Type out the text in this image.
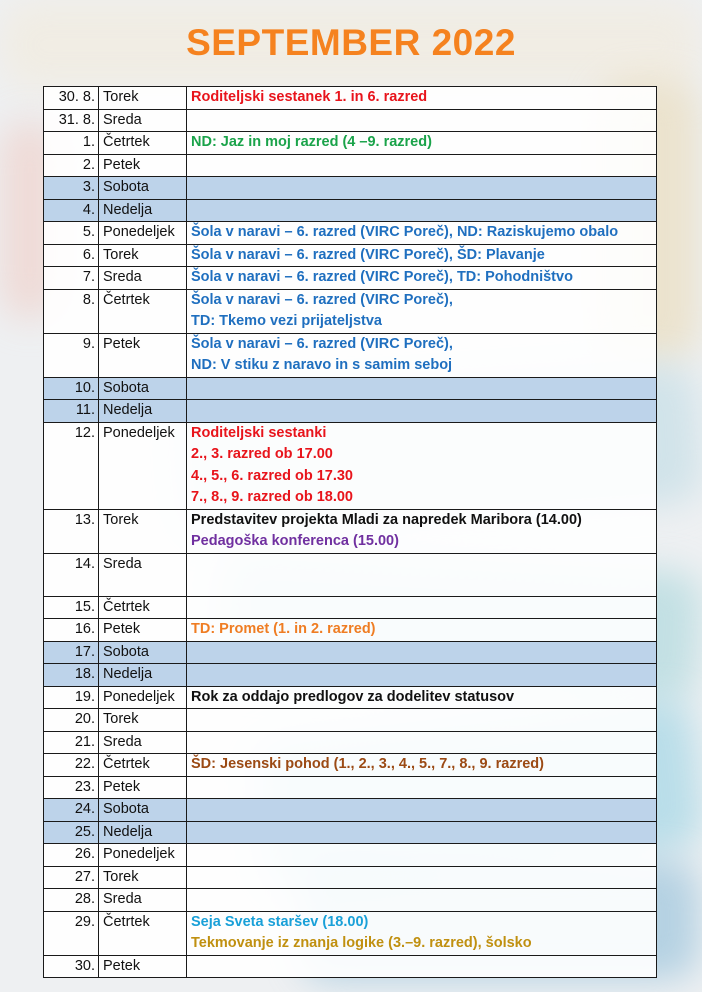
SEPTEMBER 2022
30. 8.	Torek	Roditeljski sestanek 1. in 6. razred

31. 8.	Sreda	
1.	Četrtek	ND: Jaz in moj razred (4 –9. razred)

2.	Petek	
3.	Sobota	
4.	Nedelja	
5.	Ponedeljek	Šola v naravi – 6. razred (VIRC Poreč), ND: Raziskujemo obalo

6.	Torek	Šola v naravi – 6. razred (VIRC Poreč), ŠD: Plavanje

7.	Sreda	Šola v naravi – 6. razred (VIRC Poreč), TD: Pohodništvo

8.	Četrtek	Šola v naravi – 6. razred (VIRC Poreč),
TD: Tkemo vezi prijateljstva

9.	Petek	Šola v naravi – 6. razred (VIRC Poreč),
ND: V stiku z naravo in s samim seboj

10.	Sobota	
11.	Nedelja	
12.	Ponedeljek	Roditeljski sestanki
2., 3. razred ob 17.00
4., 5., 6. razred ob 17.30
7., 8., 9. razred ob 18.00

13.	Torek	Predstavitev projekta Mladi za napredek Maribora (14.00)
Pedagoška konferenca (15.00)

14.	Sreda	
15.	Četrtek	
16.	Petek	TD: Promet (1. in 2. razred)

17.	Sobota	
18.	Nedelja	
19.	Ponedeljek	Rok za oddajo predlogov za dodelitev statusov

20.	Torek	
21.	Sreda	
22.	Četrtek	ŠD: Jesenski pohod (1., 2., 3., 4., 5., 7., 8., 9. razred)

23.	Petek	
24.	Sobota	
25.	Nedelja	
26.	Ponedeljek	
27.	Torek	
28.	Sreda	
29.	Četrtek	Seja Sveta staršev (18.00)
Tekmovanje iz znanja logike (3.–9. razred), šolsko

30.	Petek	
